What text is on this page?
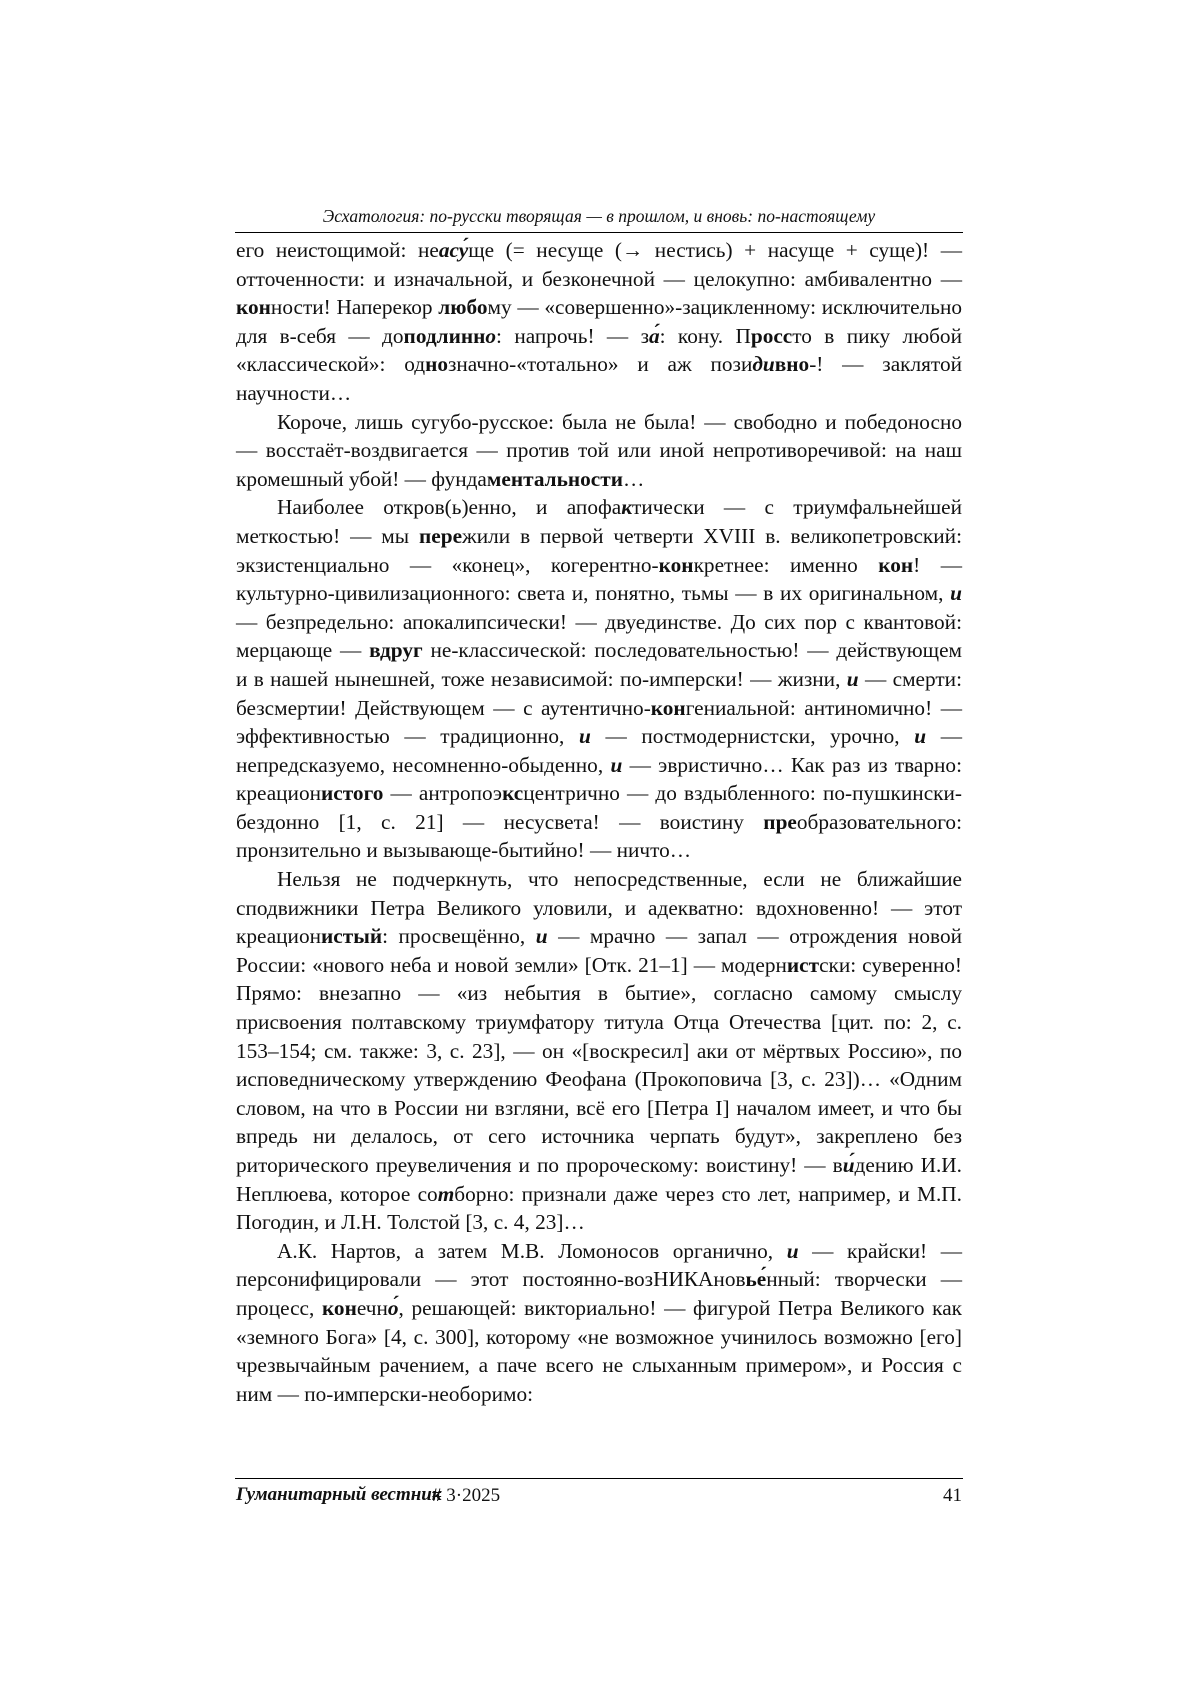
Эсхатология: по-русски творящая — в прошлом, и вновь: по-настоящему

его неистощимой: неасу́ще (= несуще (→ нестись) + насуще + суще)! — отточенности: и изначальной, и безконечной — целокупно: амбивалентно — конности! Наперекор любому — «совершенно»-зацикленному: исключительно для в-себя — доподлинно: напрочь! — за́: кону. Проссто в пику любой «классической»: однозначно-«тотально» и аж позидивно-! — заклятой научности…

Короче, лишь сугубо-русское: была не была! — свободно и победоносно — восстаёт-воздвигается — против той или иной непротиворечивой: на наш кромешный убой! — фундаментальности…

Наиболее откров(ь)енно, и апофактически — с триумфальнейшей меткостью! — мы пережили в первой четверти XVIII в. великопетровский: экзистенциально — «конец», когерентно-конкретнее: именно кон! — культурно-цивилизационного: света и, понятно, тьмы — в их оригинальном, и — безпредельно: апокалипсически! — двуединстве. До сих пор с квантовой: мерцающе — вдруг не-классической: последовательностью! — действующем и в нашей нынешней, тоже независимой: по-имперски! — жизни, и — смерти: безсмертии! Действующем — с аутентично-конгениальной: антиномично! — эффективностью — традиционно, и — постмодернистски, урочно, и — непредсказуемо, несомненно-обыденно, и — эвристично… Как раз из тварно: креационистого — антропоэксцентрично — до вздыбленного: по-пушкински-бездонно [1, с. 21] — несусвета! — воистину преобразовательного: пронзительно и вызывающе-бытийно! — ничто…

Нельзя не подчеркнуть, что непосредственные, если не ближайшие сподвижники Петра Великого уловили, и адекватно: вдохновенно! — этот креационистый: просвещённо, и — мрачно — запал — отрождения новой России: «нового неба и новой земли» [Отк. 21–1] — модернистски: суверенно! Прямо: внезапно — «из небытия в бытие», согласно самому смыслу присвоения полтавскому триумфатору титула Отца Отечества [цит. по: 2, с. 153–154; см. также: 3, с. 23], — он «[воскресил] аки от мёртвых Россию», по исповедническому утверждению Феофана (Прокоповича [3, с. 23])… «Одним словом, на что в России ни взгляни, всё его [Петра I] началом имеет, и что бы впредь ни делалось, от сего источника черпать будут», закреплено без риторического преувеличения и по пророческому: воистину! — ви́дению И.И. Неплюева, которое сотборно: признали даже через сто лет, например, и М.П. Погодин, и Л.Н. Толстой [3, с. 4, 23]…

А.К. Нартов, а затем М.В. Ломоносов органично, и — крайски! — персонифицировали — этот постоянно-возНИКАновье́нный: творчески — процесс, конечно́, решающей: викториально! — фигурой Петра Великого как «земного Бога» [4, с. 300], которому «не возможное учинилось возможно [его] чрезвычайным рачением, а паче всего не слыханным примером», и Россия с ним — по-имперски-необоримо:

Гуманитарный вестник
# 3·2025	41
